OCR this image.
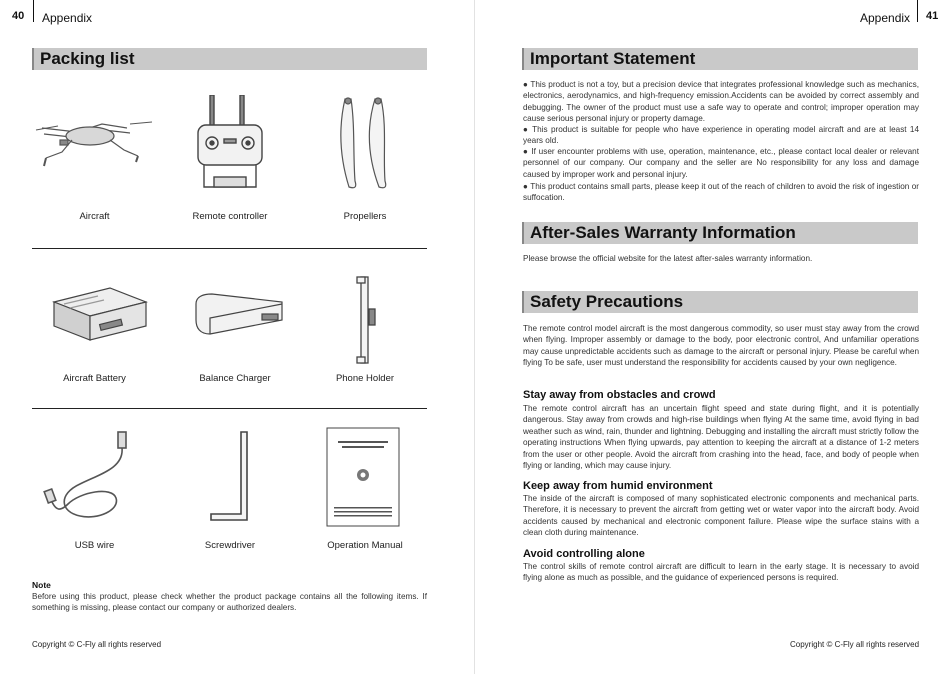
40 Appendix
Packing list
Aircraft	Remote controller	Propellers
Aircraft Battery	Balance Charger	Phone Holder
USB wire	Screwdriver	Operation Manual
Note
Before using this product, please check whether the product package contains all the following items. If something is missing, please contact our company or authorized dealers.
Copyright © C-Fly all rights reserved
Appendix 41
Important Statement
● This product is not a toy, but a precision device that integrates professional knowledge such as mechanics, electronics, aerodynamics, and high-frequency emission.Accidents can be avoided by correct assembly and debugging. The owner of the product must use a safe way to operate and control; improper operation may cause serious personal injury or property damage.
● This product is suitable for people who have experience in operating model aircraft and are at least 14 years old.
● If user encounter problems with use, operation, maintenance, etc., please contact local dealer or relevant personnel of our company. Our company and the seller are No responsibility for any loss and damage caused by improper work and personal injury.
● This product contains small parts, please keep it out of the reach of children to avoid the risk of ingestion or suffocation.
After-Sales Warranty Information
Please browse the official website for the latest after-sales warranty information.
Safety Precautions
The remote control model aircraft is the most dangerous commodity, so user must stay away from the crowd when flying. Improper assembly or damage to the body, poor electronic control, And unfamiliar operations may cause unpredictable accidents such as damage to the aircraft or personal injury. Please be careful when flying To be safe, user must understand the responsibility for accidents caused by your own negligence.
Stay away from obstacles and crowd
The remote control aircraft has an uncertain flight speed and state during flight, and it is potentially dangerous. Stay away from crowds and high-rise buildings when flying At the same time, avoid flying in bad weather such as wind, rain, thunder and lightning. Debugging and installing the aircraft must strictly follow the operating instructions When flying upwards, pay attention to keeping the aircraft at a distance of 1-2 meters from the user or other people. Avoid the aircraft from crashing into the head, face, and body of people when flying or landing, which may cause injury.
Keep away from humid environment
The inside of the aircraft is composed of many sophisticated electronic components and mechanical parts. Therefore, it is necessary to prevent the aircraft from getting wet or water vapor into the aircraft body. Avoid accidents caused by mechanical and electronic component failure. Please wipe the surface stains with a clean cloth during maintenance.
Avoid controlling alone
The control skills of remote control aircraft are difficult to learn in the early stage. It is necessary to avoid flying alone as much as possible, and the guidance of experienced persons is required.
Copyright © C-Fly all rights reserved
